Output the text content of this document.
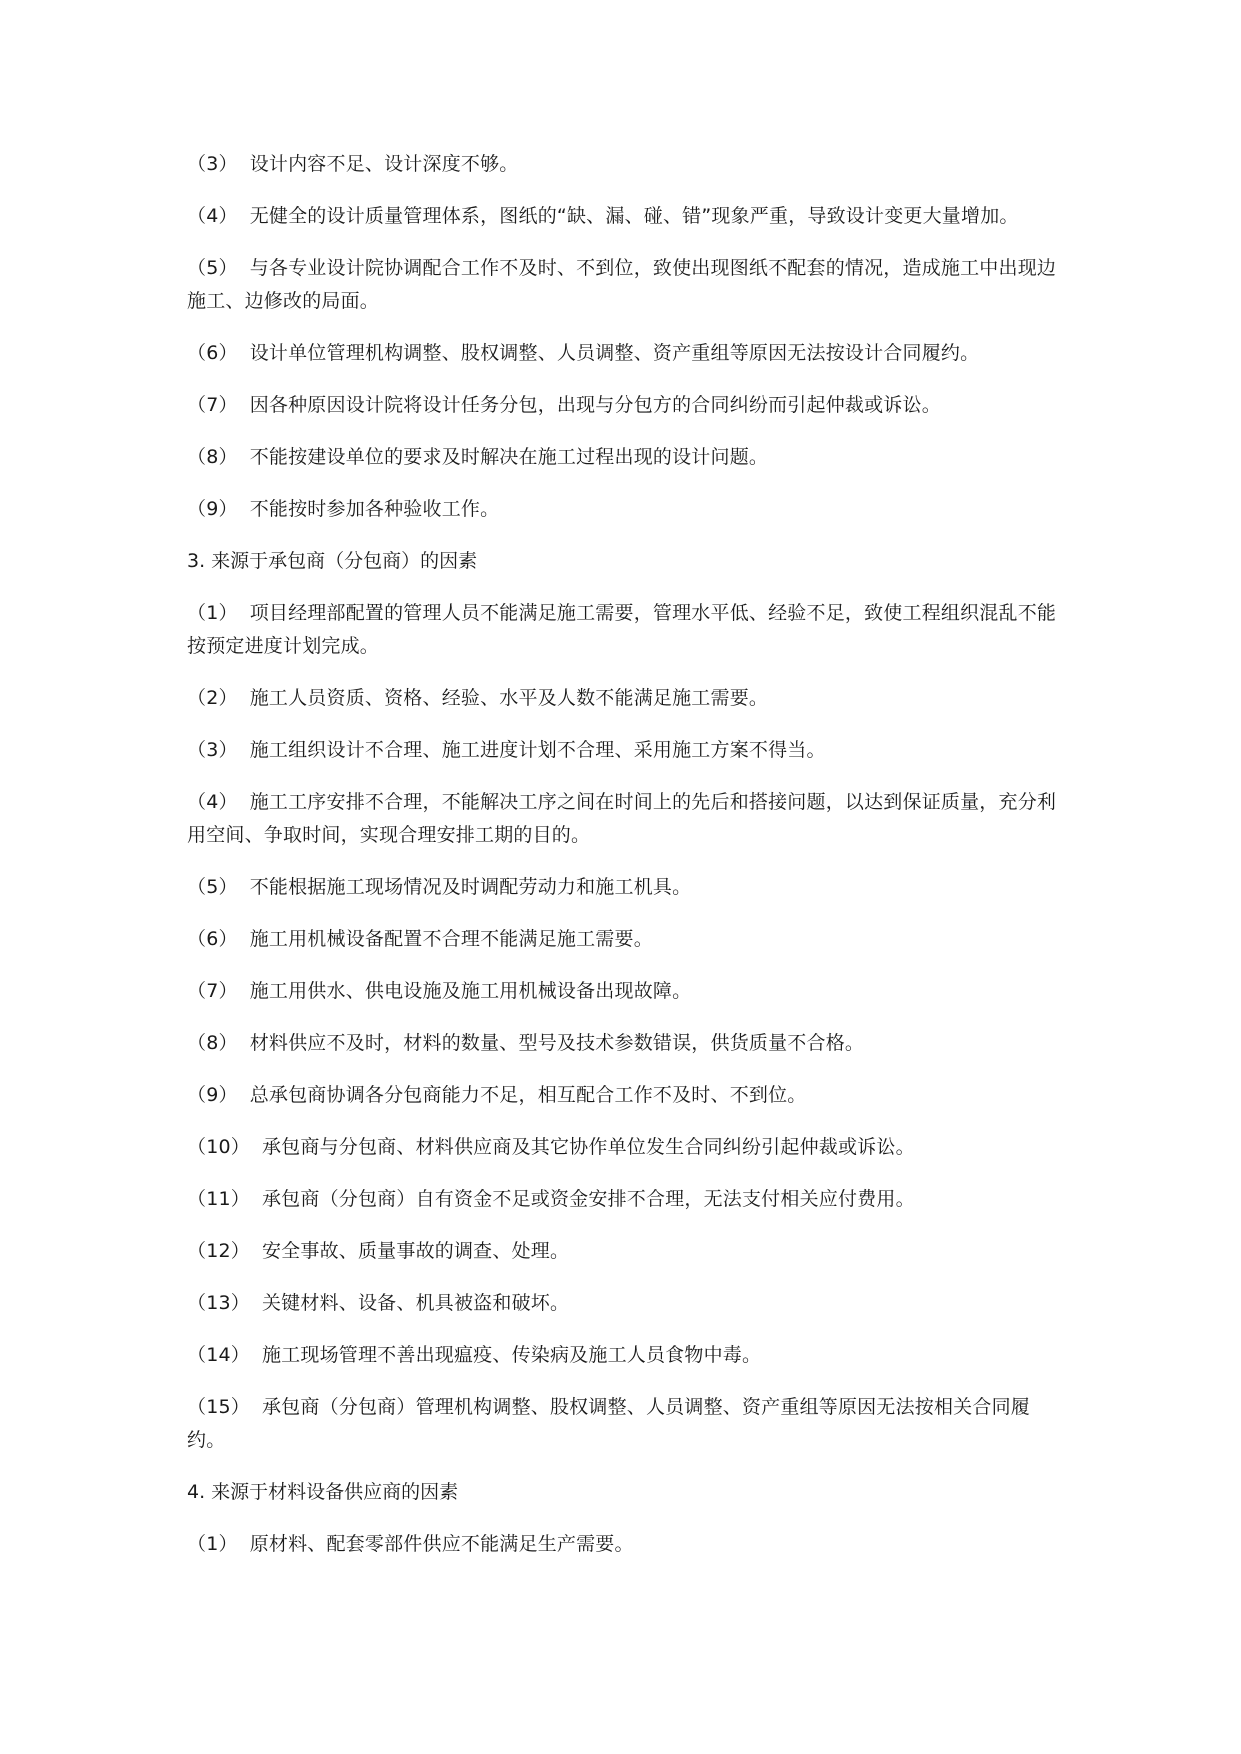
（3） 设计内容不足、设计深度不够。

（4） 无健全的设计质量管理体系，图纸的“缺、漏、碰、错”现象严重，导致设计变更大量增加。

（5） 与各专业设计院协调配合工作不及时、不到位，致使出现图纸不配套的情况，造成施工中出现边施工、边修改的局面。

（6） 设计单位管理机构调整、股权调整、人员调整、资产重组等原因无法按设计合同履约。

（7） 因各种原因设计院将设计任务分包，出现与分包方的合同纠纷而引起仲裁或诉讼。

（8） 不能按建设单位的要求及时解决在施工过程出现的设计问题。

（9） 不能按时参加各种验收工作。

3. 来源于承包商（分包商）的因素

（1） 项目经理部配置的管理人员不能满足施工需要，管理水平低、经验不足，致使工程组织混乱不能按预定进度计划完成。

（2） 施工人员资质、资格、经验、水平及人数不能满足施工需要。

（3） 施工组织设计不合理、施工进度计划不合理、采用施工方案不得当。

（4） 施工工序安排不合理，不能解决工序之间在时间上的先后和搭接问题，以达到保证质量，充分利用空间、争取时间，实现合理安排工期的目的。

（5） 不能根据施工现场情况及时调配劳动力和施工机具。

（6） 施工用机械设备配置不合理不能满足施工需要。

（7） 施工用供水、供电设施及施工用机械设备出现故障。

（8） 材料供应不及时，材料的数量、型号及技术参数错误，供货质量不合格。

（9） 总承包商协调各分包商能力不足，相互配合工作不及时、不到位。

（10） 承包商与分包商、材料供应商及其它协作单位发生合同纠纷引起仲裁或诉讼。

（11） 承包商（分包商）自有资金不足或资金安排不合理，无法支付相关应付费用。

（12） 安全事故、质量事故的调查、处理。

（13） 关键材料、设备、机具被盗和破坏。

（14） 施工现场管理不善出现瘟疫、传染病及施工人员食物中毒。

（15） 承包商（分包商）管理机构调整、股权调整、人员调整、资产重组等原因无法按相关合同履约。

4. 来源于材料设备供应商的因素

（1） 原材料、配套零部件供应不能满足生产需要。
